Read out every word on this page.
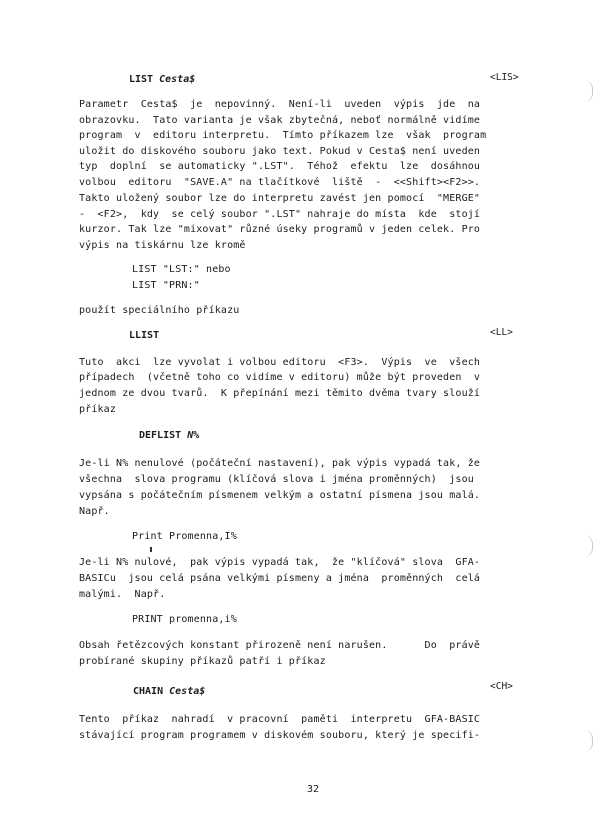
LIST Cesta$	<LIS>
Parametr  Cesta$  je  nepovinný.  Není-li  uveden  výpis  jde  na
obrazovku.  Tato varianta je však zbytečná, neboť normálně vidíme
program  v  editoru interpretu.  Tímto příkazem lze  však  program
uložit do diskového souboru jako text. Pokud v Cesta$ není uveden
typ  doplní  se automaticky ".LST".  Téhož  efektu  lze  dosáhnou
volbou  editoru  "SAVE.A" na tlačítkové  liště  -  <<Shift><F2>>.
Takto uložený soubor lze do interpretu zavést jen pomocí  "MERGE"
-  <F2>,  kdy  se celý soubor ".LST" nahraje do místa  kde  stojí
kurzor. Tak lze "mixovat" různé úseky programů v jeden celek. Pro
výpis na tiskárnu lze kromě
LIST "LST:" nebo
LIST "PRN:"
použít speciálního příkazu
LLIST	<LL>
Tuto  akci  lze vyvolat i volbou editoru  <F3>.  Výpis  ve  všech
případech  (včetně toho co vidíme v editoru) může být proveden  v
jednom ze dvou tvarů.  K přepínání mezi těmito dvěma tvary slouží
příkaz
DEFLIST N%
Je-li N% nenulové (počáteční nastavení), pak výpis vypadá tak, že
všechna  slova programu (klíčová slova i jména proměnných)  jsou
vypsána s počátečním písmenem velkým a ostatní písmena jsou malá.
Např.
Print Promenna,I%
Je-li N% nulové,  pak výpis vypadá tak,  že "klíčová" slova  GFA-
BASICu  jsou celá psána velkými písmeny a jména  proměnných  celá
malými.  Např.
PRINT promenna,i%
Obsah řetězcových konstant přirozeně není narušen.      Do  právě
probírané skupiny příkazů patří i příkaz
CHAIN Cesta$	<CH>
Tento  příkaz  nahradí  v pracovní  paměti  interpretu  GFA-BASIC
stávající program programem v diskovém souboru, který je specifi-
32
